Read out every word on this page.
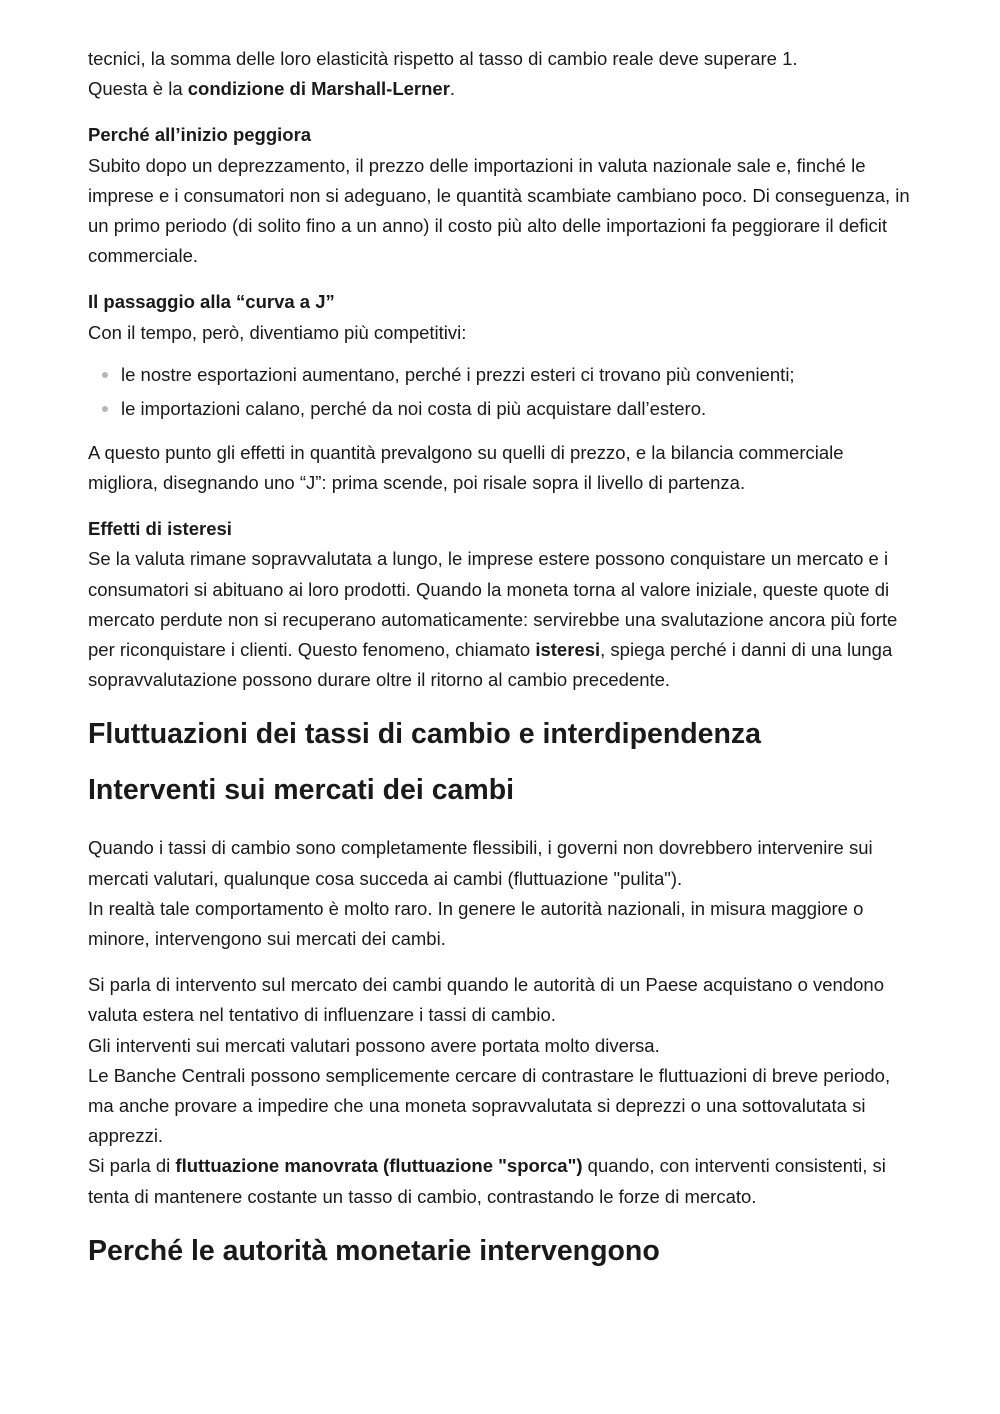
tecnici, la somma delle loro elasticità rispetto al tasso di cambio reale deve superare 1.

Questa è la condizione di Marshall-Lerner.

Perché all’inizio peggiora

Subito dopo un deprezzamento, il prezzo delle importazioni in valuta nazionale sale e, finché le imprese e i consumatori non si adeguano, le quantità scambiate cambiano poco. Di conseguenza, in un primo periodo (di solito fino a un anno) il costo più alto delle importazioni fa peggiorare il deficit commerciale.

Il passaggio alla “curva a J”

Con il tempo, però, diventiamo più competitivi:

le nostre esportazioni aumentano, perché i prezzi esteri ci trovano più convenienti;
le importazioni calano, perché da noi costa di più acquistare dall’estero.

A questo punto gli effetti in quantità prevalgono su quelli di prezzo, e la bilancia commerciale migliora, disegnando uno “J”: prima scende, poi risale sopra il livello di partenza.

Effetti di isteresi

Se la valuta rimane sopravvalutata a lungo, le imprese estere possono conquistare un mercato e i consumatori si abituano ai loro prodotti. Quando la moneta torna al valore iniziale, queste quote di mercato perdute non si recuperano automaticamente: servirebbe una svalutazione ancora più forte per riconquistare i clienti. Questo fenomeno, chiamato isteresi, spiega perché i danni di una lunga sopravvalutazione possono durare oltre il ritorno al cambio precedente.

Fluttuazioni dei tassi di cambio e interdipendenza
Interventi sui mercati dei cambi

Quando i tassi di cambio sono completamente flessibili, i governi non dovrebbero intervenire sui mercati valutari, qualunque cosa succeda ai cambi (fluttuazione "pulita").

In realtà tale comportamento è molto raro. In genere le autorità nazionali, in misura maggiore o minore, intervengono sui mercati dei cambi.

Si parla di intervento sul mercato dei cambi quando le autorità di un Paese acquistano o vendono valuta estera nel tentativo di influenzare i tassi di cambio.

Gli interventi sui mercati valutari possono avere portata molto diversa.

Le Banche Centrali possono semplicemente cercare di contrastare le fluttuazioni di breve periodo, ma anche provare a impedire che una moneta sopravvalutata si deprezzi o una sottovalutata si apprezzi.

Si parla di fluttuazione manovrata (fluttuazione "sporca") quando, con interventi consistenti, si tenta di mantenere costante un tasso di cambio, contrastando le forze di mercato.

Perché le autorità monetarie intervengono
